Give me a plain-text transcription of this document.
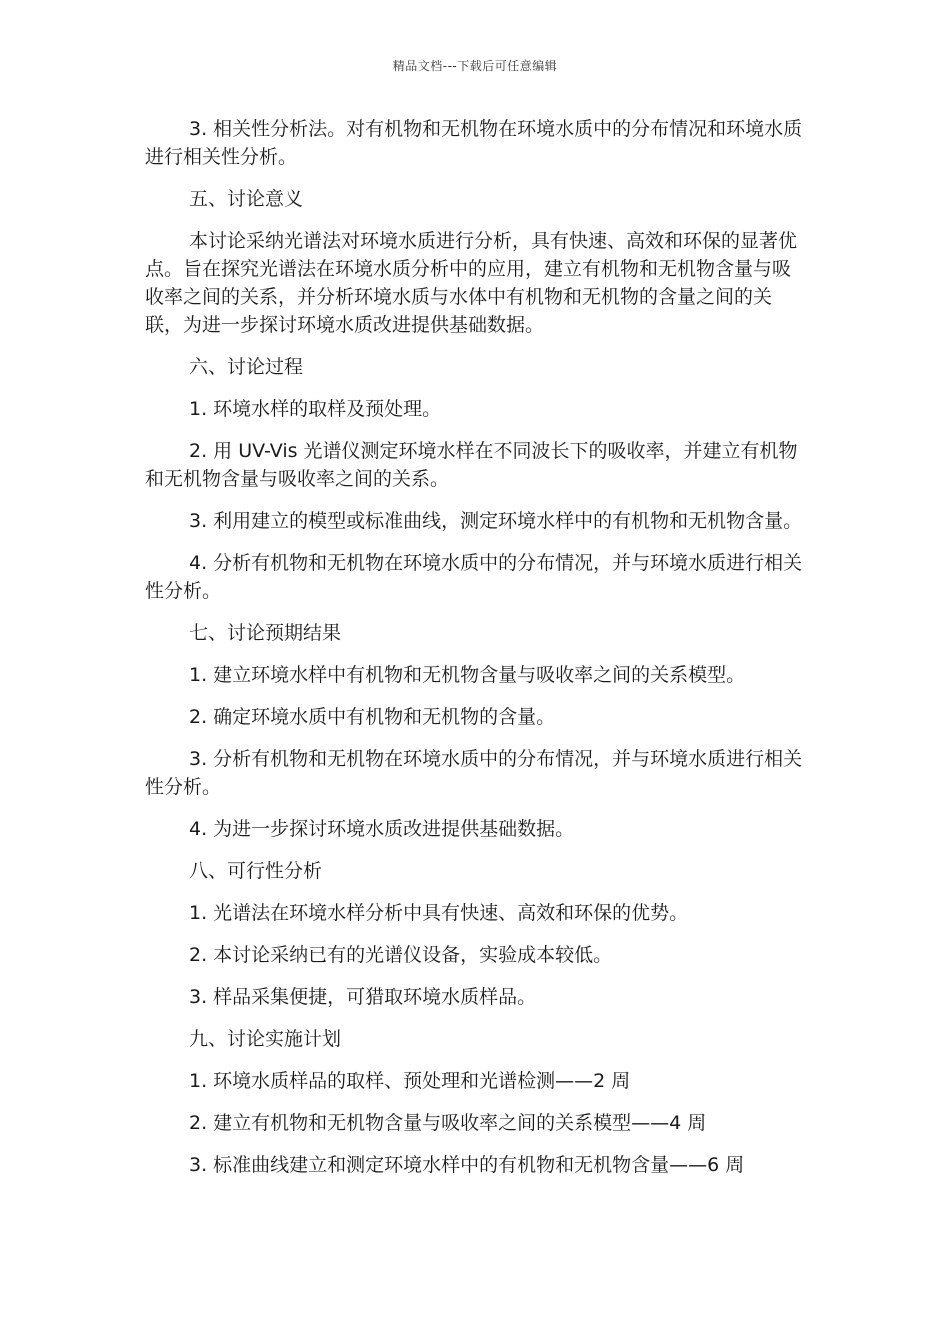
精品文档---下载后可任意编辑

3. 相关性分析法。对有机物和无机物在环境水质中的分布情况和环境水质进行相关性分析。

五、讨论意义

本讨论采纳光谱法对环境水质进行分析，具有快速、高效和环保的显著优点。旨在探究光谱法在环境水质分析中的应用，建立有机物和无机物含量与吸收率之间的关系，并分析环境水质与水体中有机物和无机物的含量之间的关联，为进一步探讨环境水质改进提供基础数据。

六、讨论过程

1. 环境水样的取样及预处理。

2. 用 UV-Vis 光谱仪测定环境水样在不同波长下的吸收率，并建立有机物和无机物含量与吸收率之间的关系。

3. 利用建立的模型或标准曲线，测定环境水样中的有机物和无机物含量。

4. 分析有机物和无机物在环境水质中的分布情况，并与环境水质进行相关性分析。

七、讨论预期结果

1. 建立环境水样中有机物和无机物含量与吸收率之间的关系模型。

2. 确定环境水质中有机物和无机物的含量。

3. 分析有机物和无机物在环境水质中的分布情况，并与环境水质进行相关性分析。

4. 为进一步探讨环境水质改进提供基础数据。

八、可行性分析

1. 光谱法在环境水样分析中具有快速、高效和环保的优势。

2. 本讨论采纳已有的光谱仪设备，实验成本较低。

3. 样品采集便捷，可猎取环境水质样品。

九、讨论实施计划

1. 环境水质样品的取样、预处理和光谱检测——2 周

2. 建立有机物和无机物含量与吸收率之间的关系模型——4 周

3. 标准曲线建立和测定环境水样中的有机物和无机物含量——6 周
